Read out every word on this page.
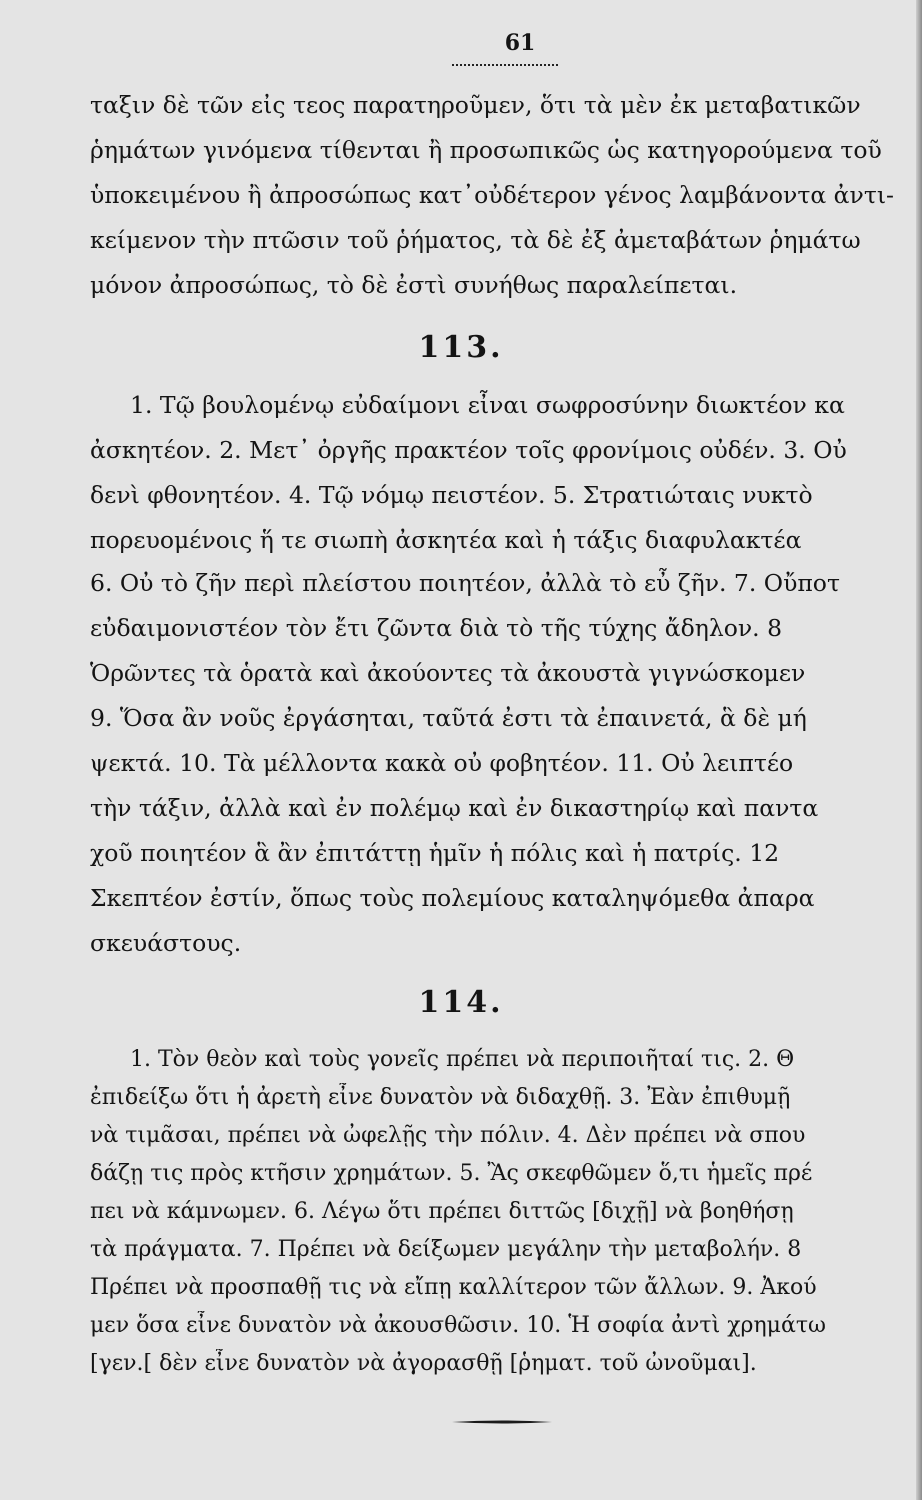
61
ταξιν δὲ τῶν εἰς τεος παρατηροῦμεν, ὅτι τὰ μὲν ἐκ μεταβατικῶν
ῥημάτων γινόμενα τίθενται ἢ προσωπικῶς ὡς κατηγορούμενα τοῦ
ὑποκειμένου ἢ ἀπροσώπως κατ᾿οὐδέτερον γένος λαμβάνοντα ἀντι-
κείμενον τὴν πτῶσιν τοῦ ῥήματος, τὰ δὲ ἐξ ἀμεταβάτων ῥημάτω
μόνον ἀπροσώπως, τὸ δὲ ἐστὶ συνήθως παραλείπεται.
113.
1. Τῷ βουλομένῳ εὐδαίμονι εἶναι σωφροσύνην διωκτέον κα
ἀσκητέον. 2. Μετ᾿ ὀργῆς πρακτέον τοῖς φρονίμοις οὐδέν. 3. Οὐ
δενὶ φθονητέον. 4. Τῷ νόμῳ πειστέον. 5. Στρατιώταις νυκτὸ
πορευομένοις ἥ τε σιωπὴ ἀσκητέα καὶ ἡ τάξις διαφυλακτέα
6. Οὐ τὸ ζῆν περὶ πλείστου ποιητέον, ἀλλὰ τὸ εὖ ζῆν. 7. Οὔποτ
εὐδαιμονιστέον τὸν ἔτι ζῶντα διὰ τὸ τῆς τύχης ἄδηλον. 8
Ὁρῶντες τὰ ὁρατὰ καὶ ἀκούοντες τὰ ἀκουστὰ γιγνώσκομεν
9. Ὅσα ἂν νοῦς ἐργάσηται, ταῦτά ἐστι τὰ ἐπαινετά, ἃ δὲ μή
ψεκτά. 10. Τὰ μέλλοντα κακὰ οὐ φοβητέον. 11. Οὐ λειπτέο
τὴν τάξιν, ἀλλὰ καὶ ἐν πολέμῳ καὶ ἐν δικαστηρίῳ καὶ παντα
χοῦ ποιητέον ἃ ἂν ἐπιτάττῃ ἡμῖν ἡ πόλις καὶ ἡ πατρίς. 12
Σκεπτέον ἐστίν, ὅπως τοὺς πολεμίους καταληψόμεθα ἀπαρα
σκευάστους.
114.
1. Τὸν θεὸν καὶ τοὺς γονεῖς πρέπει νὰ περιποιῆταί τις. 2. Θ
ἐπιδείξω ὅτι ἡ ἀρετὴ εἶνε δυνατὸν νὰ διδαχθῇ. 3. Ἐὰν ἐπιθυμῇ
νὰ τιμᾶσαι, πρέπει νὰ ὠφελῇς τὴν πόλιν. 4. Δὲν πρέπει νὰ σπου
δάζῃ τις πρὸς κτῆσιν χρημάτων. 5. Ἂς σκεφθῶμεν ὅ,τι ἡμεῖς πρέ
πει νὰ κάμνωμεν. 6. Λέγω ὅτι πρέπει διττῶς [διχῇ] νὰ βοηθήσῃ
τὰ πράγματα. 7. Πρέπει νὰ δείξωμεν μεγάλην τὴν μεταβολήν. 8
Πρέπει νὰ προσπαθῇ τις νὰ εἴπῃ καλλίτερον τῶν ἄλλων. 9. Ἀκού
μεν ὅσα εἶνε δυνατὸν νὰ ἀκουσθῶσιν. 10. Ἡ σοφία ἀντὶ χρημάτω
[γεν.[ δὲν εἶνε δυνατὸν νὰ ἀγορασθῇ [ῥηματ. τοῦ ὠνοῦμαι].
